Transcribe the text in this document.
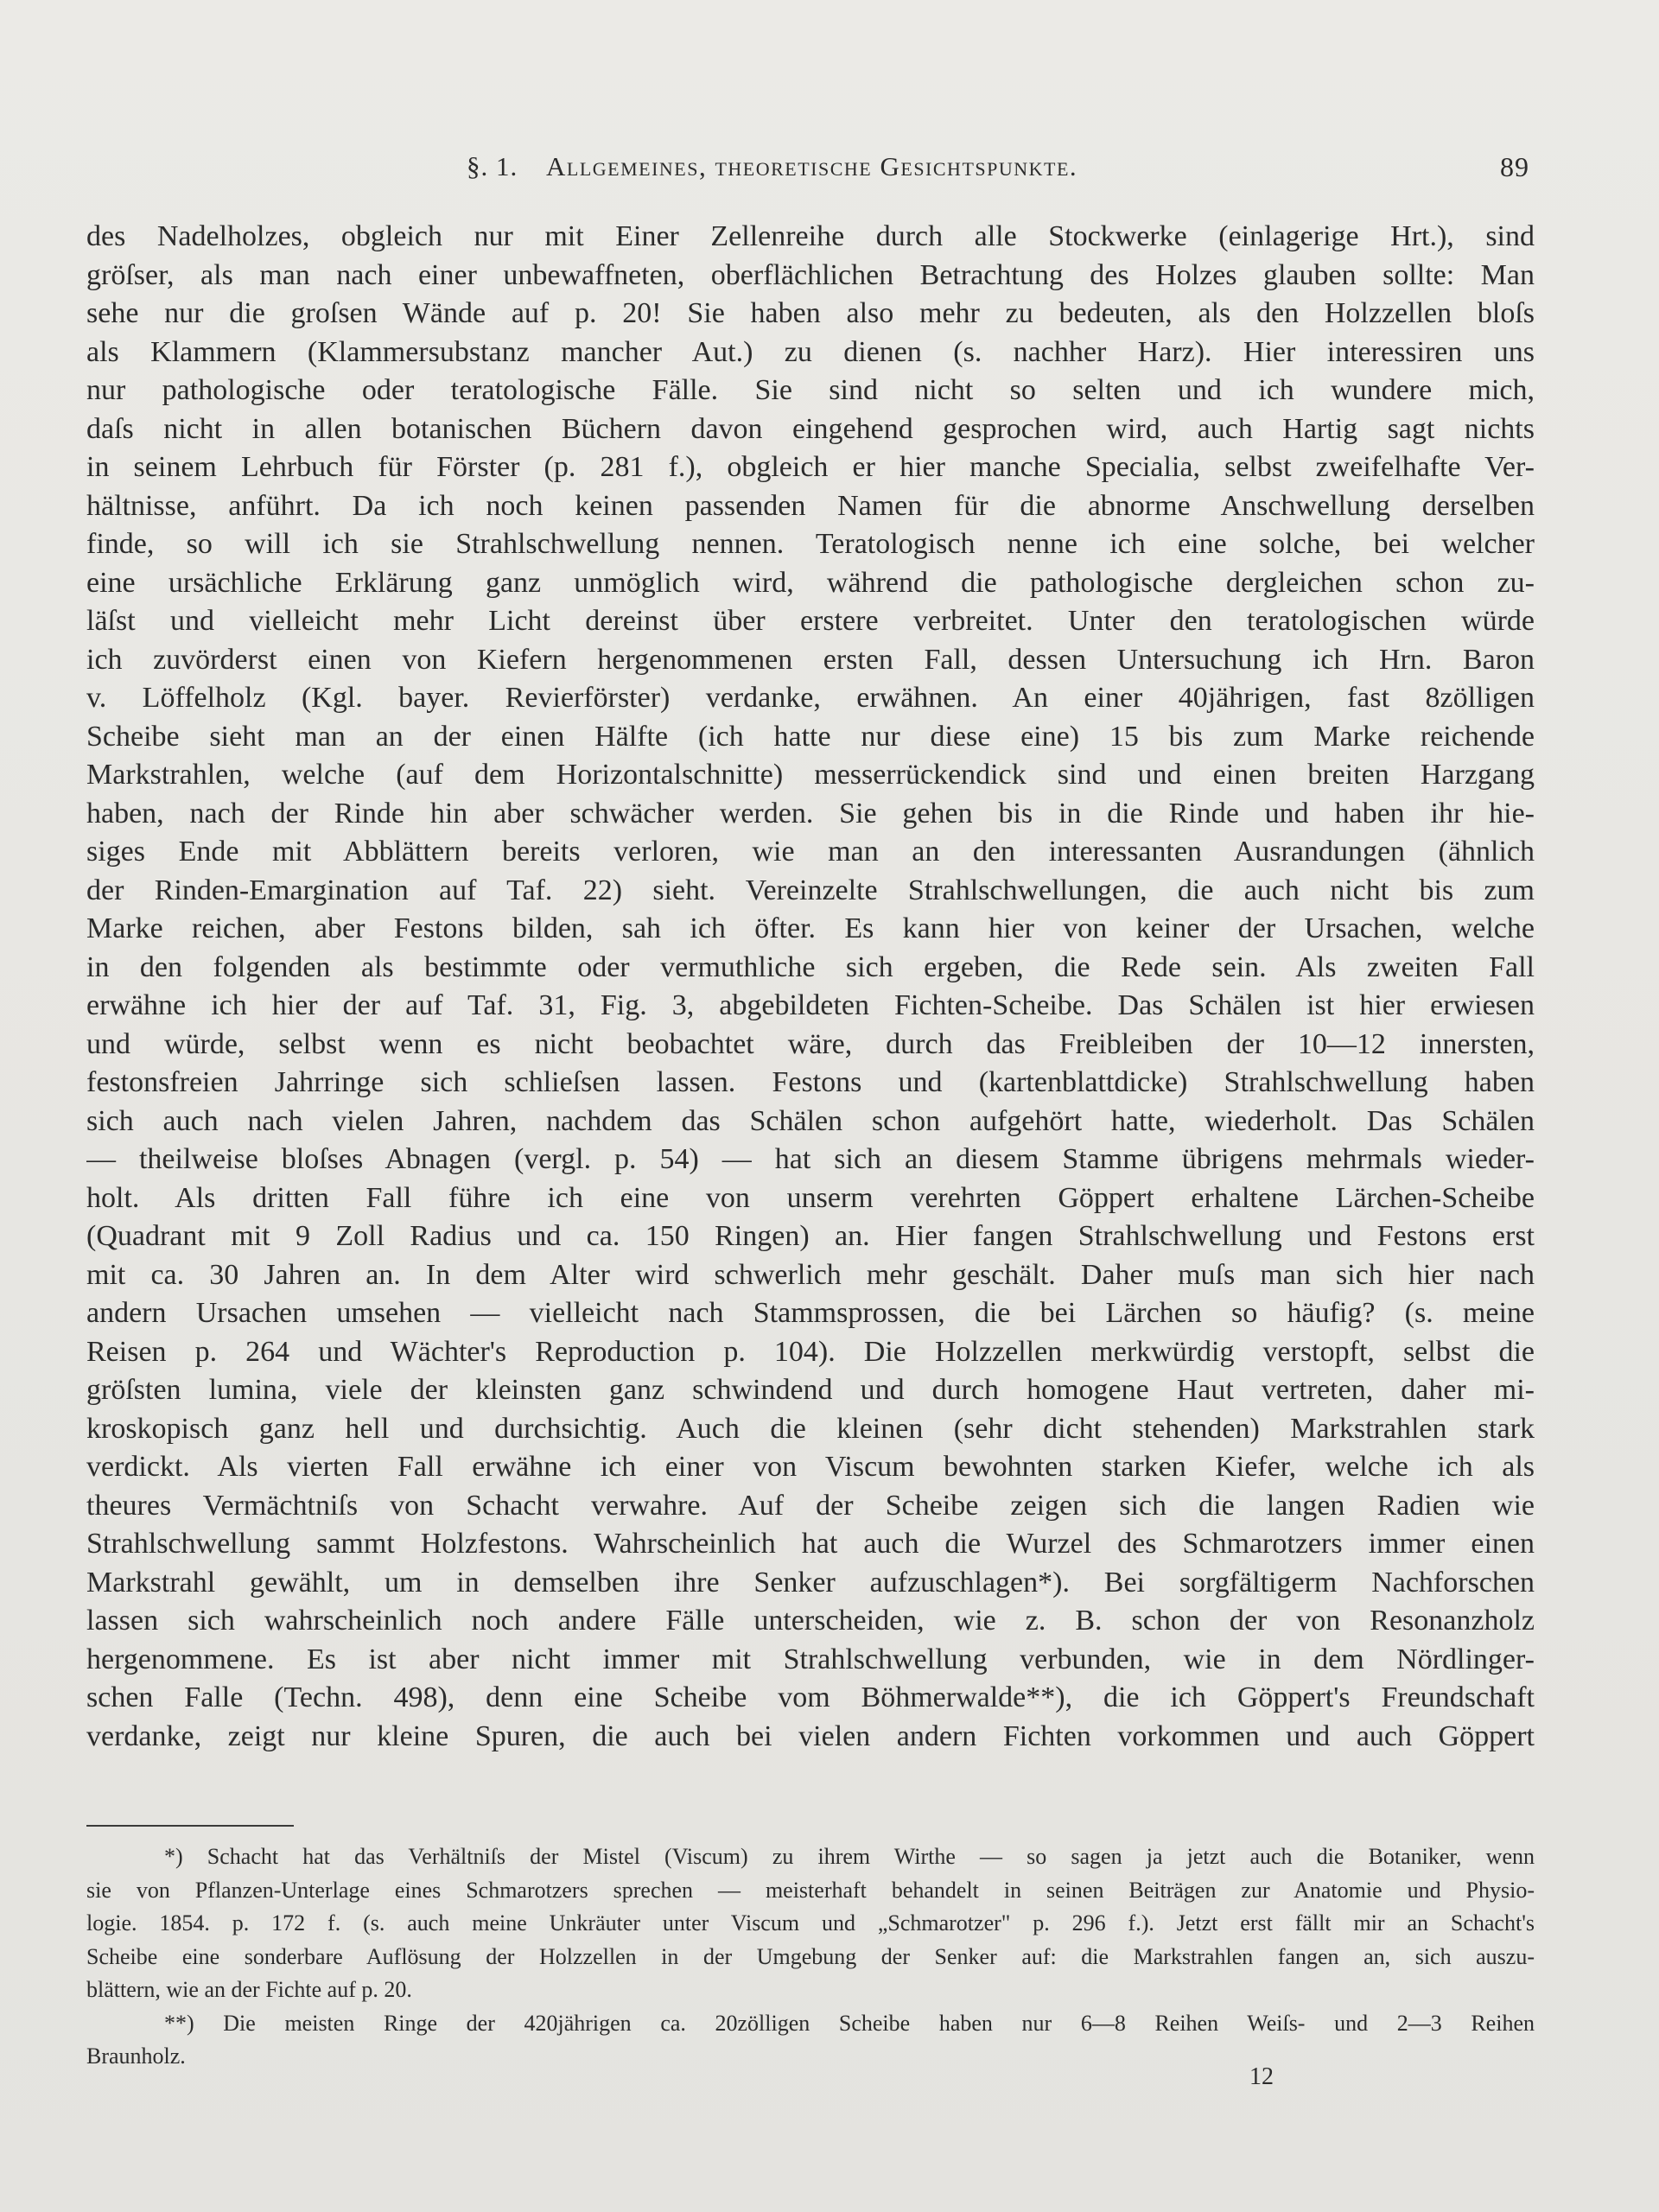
§. 1. Allgemeines, theoretische Gesichtspunkte.	89
des Nadelholzes, obgleich nur mit Einer Zellenreihe durch alle Stockwerke (einlagerige Hrt.), sind
gröſser, als man nach einer unbewaffneten, oberflächlichen Betrachtung des Holzes glauben sollte: Man
sehe nur die groſsen Wände auf p. 20! Sie haben also mehr zu bedeuten, als den Holzzellen bloſs
als Klammern (Klammersubstanz mancher Aut.) zu dienen (s. nachher Harz). Hier interessiren uns
nur pathologische oder teratologische Fälle. Sie sind nicht so selten und ich wundere mich,
daſs nicht in allen botanischen Büchern davon eingehend gesprochen wird, auch Hartig sagt nichts
in seinem Lehrbuch für Förster (p. 281 f.), obgleich er hier manche Specialia, selbst zweifelhafte Ver-
hältnisse, anführt. Da ich noch keinen passenden Namen für die abnorme Anschwellung derselben
finde, so will ich sie Strahlschwellung nennen. Teratologisch nenne ich eine solche, bei welcher
eine ursächliche Erklärung ganz unmöglich wird, während die pathologische dergleichen schon zu-
läſst und vielleicht mehr Licht dereinst über erstere verbreitet. Unter den teratologischen würde
ich zuvörderst einen von Kiefern hergenommenen ersten Fall, dessen Untersuchung ich Hrn. Baron
v. Löffelholz (Kgl. bayer. Revierförster) verdanke, erwähnen. An einer 40jährigen, fast 8zölligen
Scheibe sieht man an der einen Hälfte (ich hatte nur diese eine) 15 bis zum Marke reichende
Markstrahlen, welche (auf dem Horizontalschnitte) messerrückendick sind und einen breiten Harzgang
haben, nach der Rinde hin aber schwächer werden. Sie gehen bis in die Rinde und haben ihr hie-
siges Ende mit Abblättern bereits verloren, wie man an den interessanten Ausrandungen (ähnlich
der Rinden-Emargination auf Taf. 22) sieht. Vereinzelte Strahlschwellungen, die auch nicht bis zum
Marke reichen, aber Festons bilden, sah ich öfter. Es kann hier von keiner der Ursachen, welche
in den folgenden als bestimmte oder vermuthliche sich ergeben, die Rede sein. Als zweiten Fall
erwähne ich hier der auf Taf. 31, Fig. 3, abgebildeten Fichten-Scheibe. Das Schälen ist hier erwiesen
und würde, selbst wenn es nicht beobachtet wäre, durch das Freibleiben der 10—12 innersten,
festonsfreien Jahrringe sich schlieſsen lassen. Festons und (kartenblattdicke) Strahlschwellung haben
sich auch nach vielen Jahren, nachdem das Schälen schon aufgehört hatte, wiederholt. Das Schälen
— theilweise bloſses Abnagen (vergl. p. 54) — hat sich an diesem Stamme übrigens mehrmals wieder-
holt. Als dritten Fall führe ich eine von unserm verehrten Göppert erhaltene Lärchen-Scheibe
(Quadrant mit 9 Zoll Radius und ca. 150 Ringen) an. Hier fangen Strahlschwellung und Festons erst
mit ca. 30 Jahren an. In dem Alter wird schwerlich mehr geschält. Daher muſs man sich hier nach
andern Ursachen umsehen — vielleicht nach Stammsprossen, die bei Lärchen so häufig? (s. meine
Reisen p. 264 und Wächter's Reproduction p. 104). Die Holzzellen merkwürdig verstopft, selbst die
gröſsten lumina, viele der kleinsten ganz schwindend und durch homogene Haut vertreten, daher mi-
kroskopisch ganz hell und durchsichtig. Auch die kleinen (sehr dicht stehenden) Markstrahlen stark
verdickt. Als vierten Fall erwähne ich einer von Viscum bewohnten starken Kiefer, welche ich als
theures Vermächtniſs von Schacht verwahre. Auf der Scheibe zeigen sich die langen Radien wie
Strahlschwellung sammt Holzfestons. Wahrscheinlich hat auch die Wurzel des Schmarotzers immer einen
Markstrahl gewählt, um in demselben ihre Senker aufzuschlagen*). Bei sorgfältigerm Nachforschen
lassen sich wahrscheinlich noch andere Fälle unterscheiden, wie z. B. schon der von Resonanzholz
hergenommene. Es ist aber nicht immer mit Strahlschwellung verbunden, wie in dem Nördlinger-
schen Falle (Techn. 498), denn eine Scheibe vom Böhmerwalde**), die ich Göppert's Freundschaft
verdanke, zeigt nur kleine Spuren, die auch bei vielen andern Fichten vorkommen und auch Göppert
*) Schacht hat das Verhältniſs der Mistel (Viscum) zu ihrem Wirthe — so sagen ja jetzt auch die Botaniker, wenn
sie von Pflanzen-Unterlage eines Schmarotzers sprechen — meisterhaft behandelt in seinen Beiträgen zur Anatomie und Physio-
logie. 1854. p. 172 f. (s. auch meine Unkräuter unter Viscum und „Schmarotzer" p. 296 f.). Jetzt erst fällt mir an Schacht's
Scheibe eine sonderbare Auflösung der Holzzellen in der Umgebung der Senker auf: die Markstrahlen fangen an, sich auszu-
blättern, wie an der Fichte auf p. 20.
**) Die meisten Ringe der 420jährigen ca. 20zölligen Scheibe haben nur 6—8 Reihen Weiſs- und 2—3 Reihen
Braunholz.
12
